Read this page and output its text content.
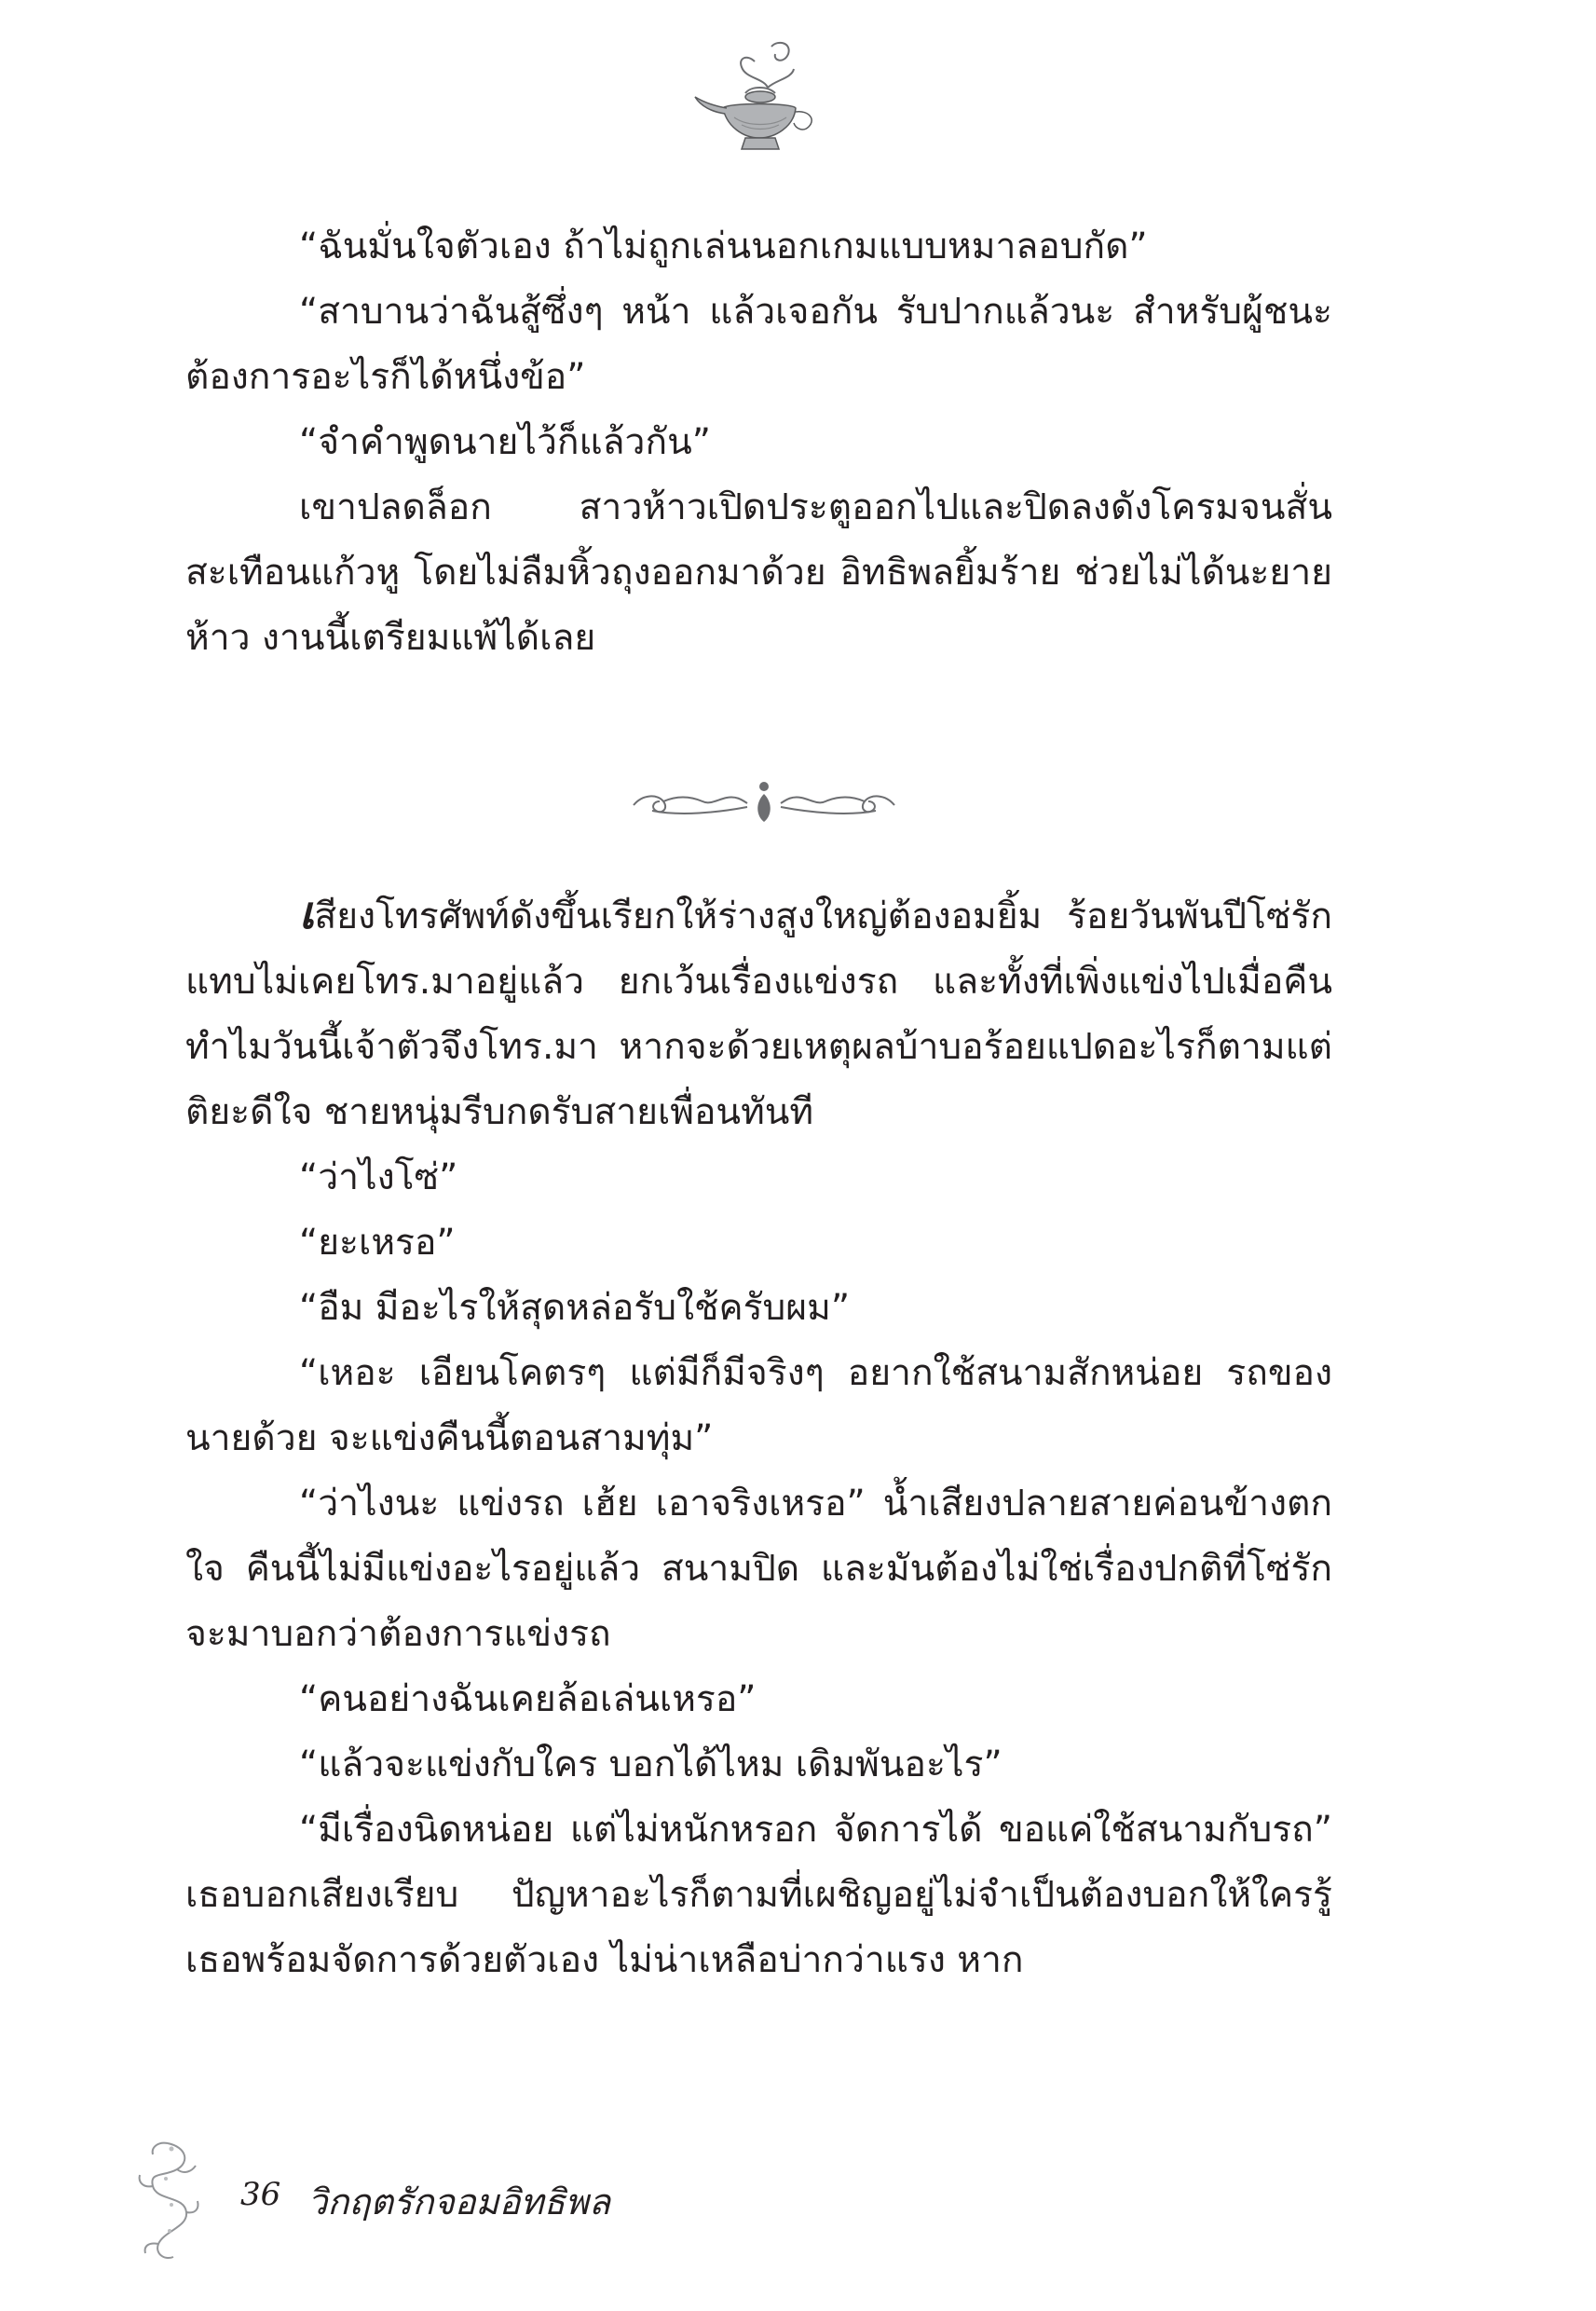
“ฉันมั่นใจตัวเอง ถ้าไม่ถูกเล่นนอกเกมแบบหมาลอบกัด”

“สาบานว่าฉันสู้ซึ่งๆ หน้า แล้วเจอกัน รับปากแล้วนะ สำหรับผู้ชนะต้องการอะไรก็ได้หนึ่งข้อ”

“จำคำพูดนายไว้ก็แล้วกัน”

เขาปลดล็อก สาวห้าวเปิดประตูออกไปและปิดลงดังโครมจนสั่นสะเทือนแก้วหู โดยไม่ลืมหิ้วถุงออกมาด้วย อิทธิพลยิ้มร้าย ช่วยไม่ได้นะยายห้าว งานนี้เตรียมแพ้ได้เลย

เสียงโทรศัพท์ดังขึ้นเรียกให้ร่างสูงใหญ่ต้องอมยิ้ม ร้อยวันพันปีโซ่รักแทบไม่เคยโทร.มาอยู่แล้ว ยกเว้นเรื่องแข่งรถ และทั้งที่เพิ่งแข่งไปเมื่อคืน ทำไมวันนี้เจ้าตัวจึงโทร.มา หากจะด้วยเหตุผลบ้าบอร้อยแปดอะไรก็ตามแต่ ติยะดีใจ ชายหนุ่มรีบกดรับสายเพื่อนทันที

“ว่าไงโซ่”

“ยะเหรอ”

“อืม มีอะไรให้สุดหล่อรับใช้ครับผม”

“เหอะ เอียนโคตรๆ แต่มีก็มีจริงๆ อยากใช้สนามสักหน่อย รถของนายด้วย จะแข่งคืนนี้ตอนสามทุ่ม”

“ว่าไงนะ แข่งรถ เฮ้ย เอาจริงเหรอ” น้ำเสียงปลายสายค่อนข้างตกใจ คืนนี้ไม่มีแข่งอะไรอยู่แล้ว สนามปิด และมันต้องไม่ใช่เรื่องปกติที่โซ่รักจะมาบอกว่าต้องการแข่งรถ

“คนอย่างฉันเคยล้อเล่นเหรอ”

“แล้วจะแข่งกับใคร บอกได้ไหม เดิมพันอะไร”

“มีเรื่องนิดหน่อย แต่ไม่หนักหรอก จัดการได้ ขอแค่ใช้สนามกับรถ” เธอบอกเสียงเรียบ ปัญหาอะไรก็ตามที่เผชิญอยู่ไม่จำเป็นต้องบอกให้ใครรู้ เธอพร้อมจัดการด้วยตัวเอง ไม่น่าเหลือบ่ากว่าแรง หาก

36 วิกฤตรักจอมอิทธิพล
